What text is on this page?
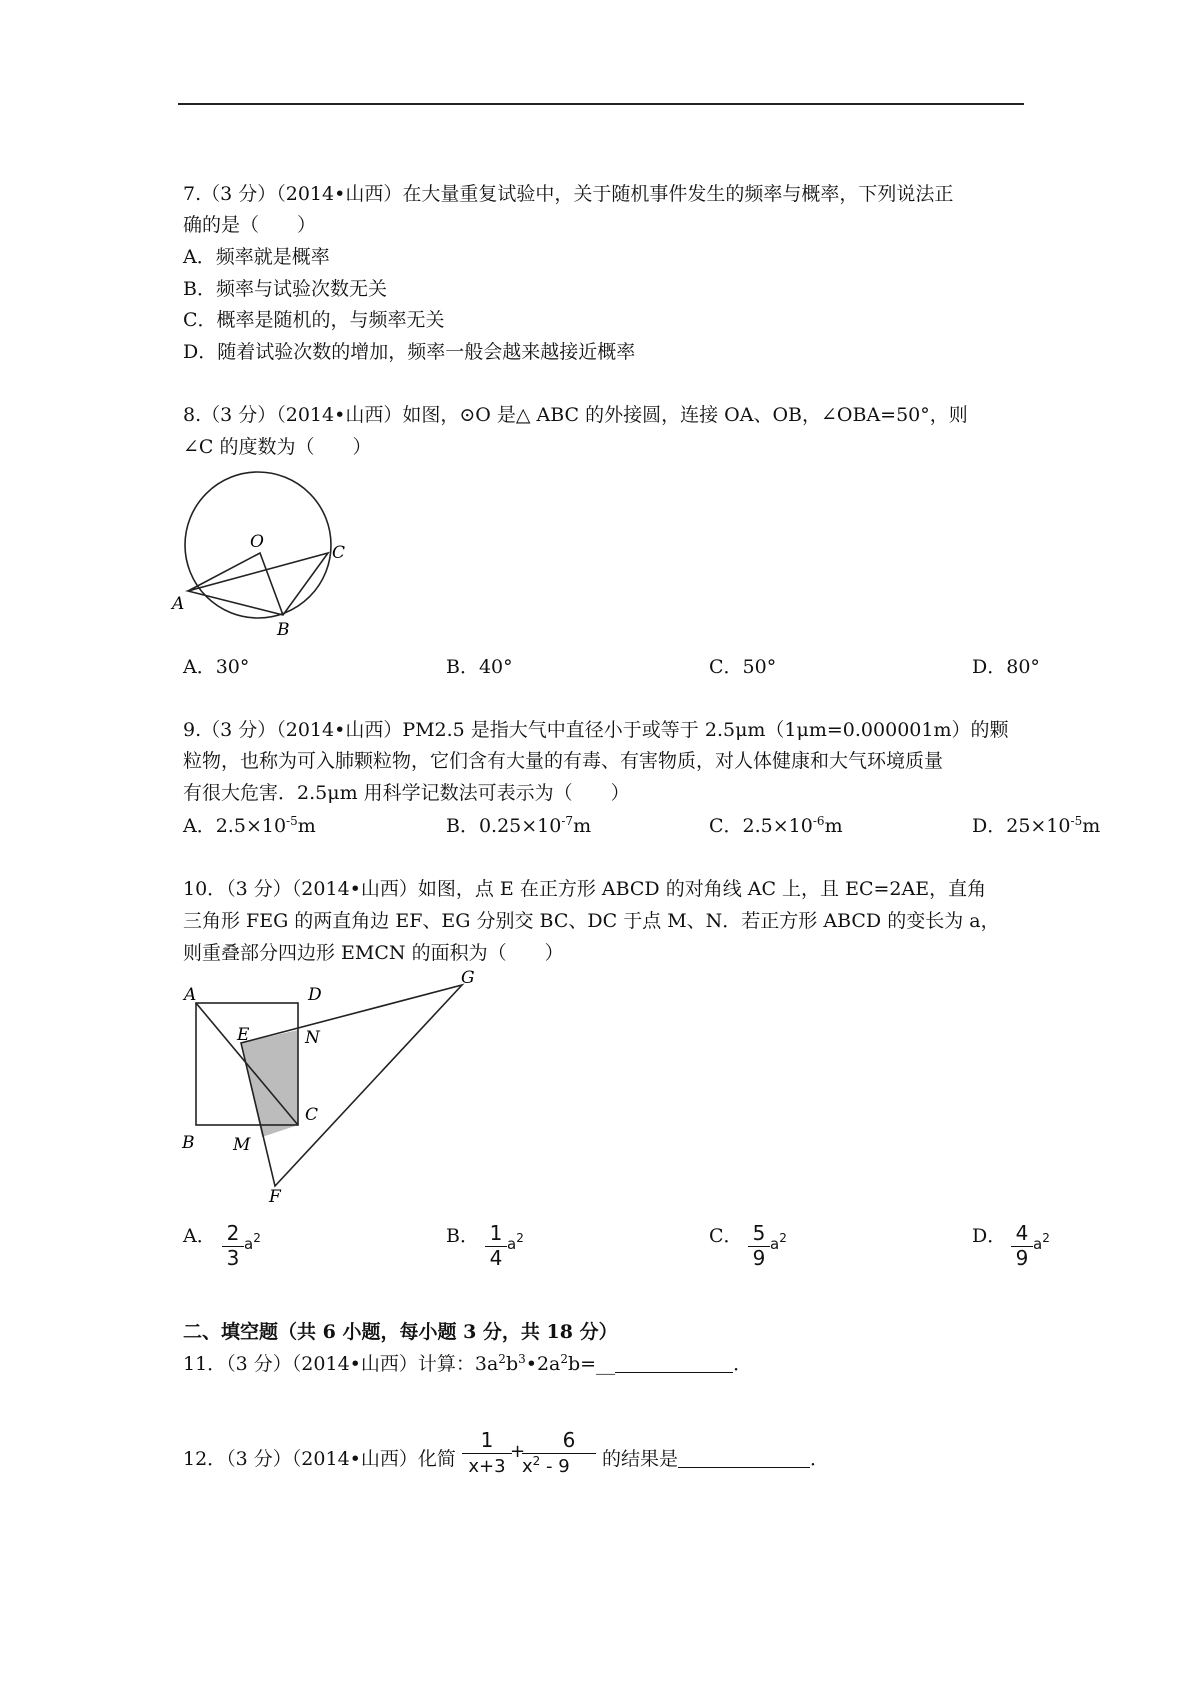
7.（3 分）（2014•山西）在大量重复试验中，关于随机事件发生的频率与概率，下列说法正
确的是（　　）
A．频率就是概率
B．频率与试验次数无关
C．概率是随机的，与频率无关
D．随着试验次数的增加，频率一般会越来越接近概率
8.（3 分）（2014•山西）如图，⊙O 是△ ABC 的外接圆，连接 OA、OB，∠OBA=50°，则
∠C 的度数为（　　）
O
C
A
B
A．30°	B．40°	C．50°	D．80°
9.（3 分）（2014•山西）PM2.5 是指大气中直径小于或等于 2.5μm（1μm=0.000001m）的颗
粒物，也称为可入肺颗粒物，它们含有大量的有毒、有害物质，对人体健康和大气环境质量
有很大危害．2.5μm 用科学记数法可表示为（　　）
A．$2.5\times 10^{-5}m$	B．$0.25\times 10^{-7}m$	C．$2.5\times 10^{-6}m$	D．$25\times 10^{-5}m$
10．（3 分）（2014•山西）如图，点 E 在正方形 ABCD 的对角线 AC 上，且 EC=2AE，直角
三角形 FEG 的两直角边 EF、EG 分别交 BC、DC 于点 M、N．若正方形 ABCD 的变长为 a，
则重叠部分四边形 EMCN 的面积为（　　）
A	D
G
E	N
C
B M
F
A． 2
3
$a^2$	B． 1
4
$a^2$	C． 5
9
$a^2$	D． 4
9
$a^2$
二、填空题（共 6 小题，每小题 3 分，共 18 分）
11．（3 分）（2014•山西）计算：$3a^2b^3•2a^2b=\_\_$	．
12．（3 分）（2014•山西）化简
1
x+3
+	6
$x^2 - 9$	的结果是	．
